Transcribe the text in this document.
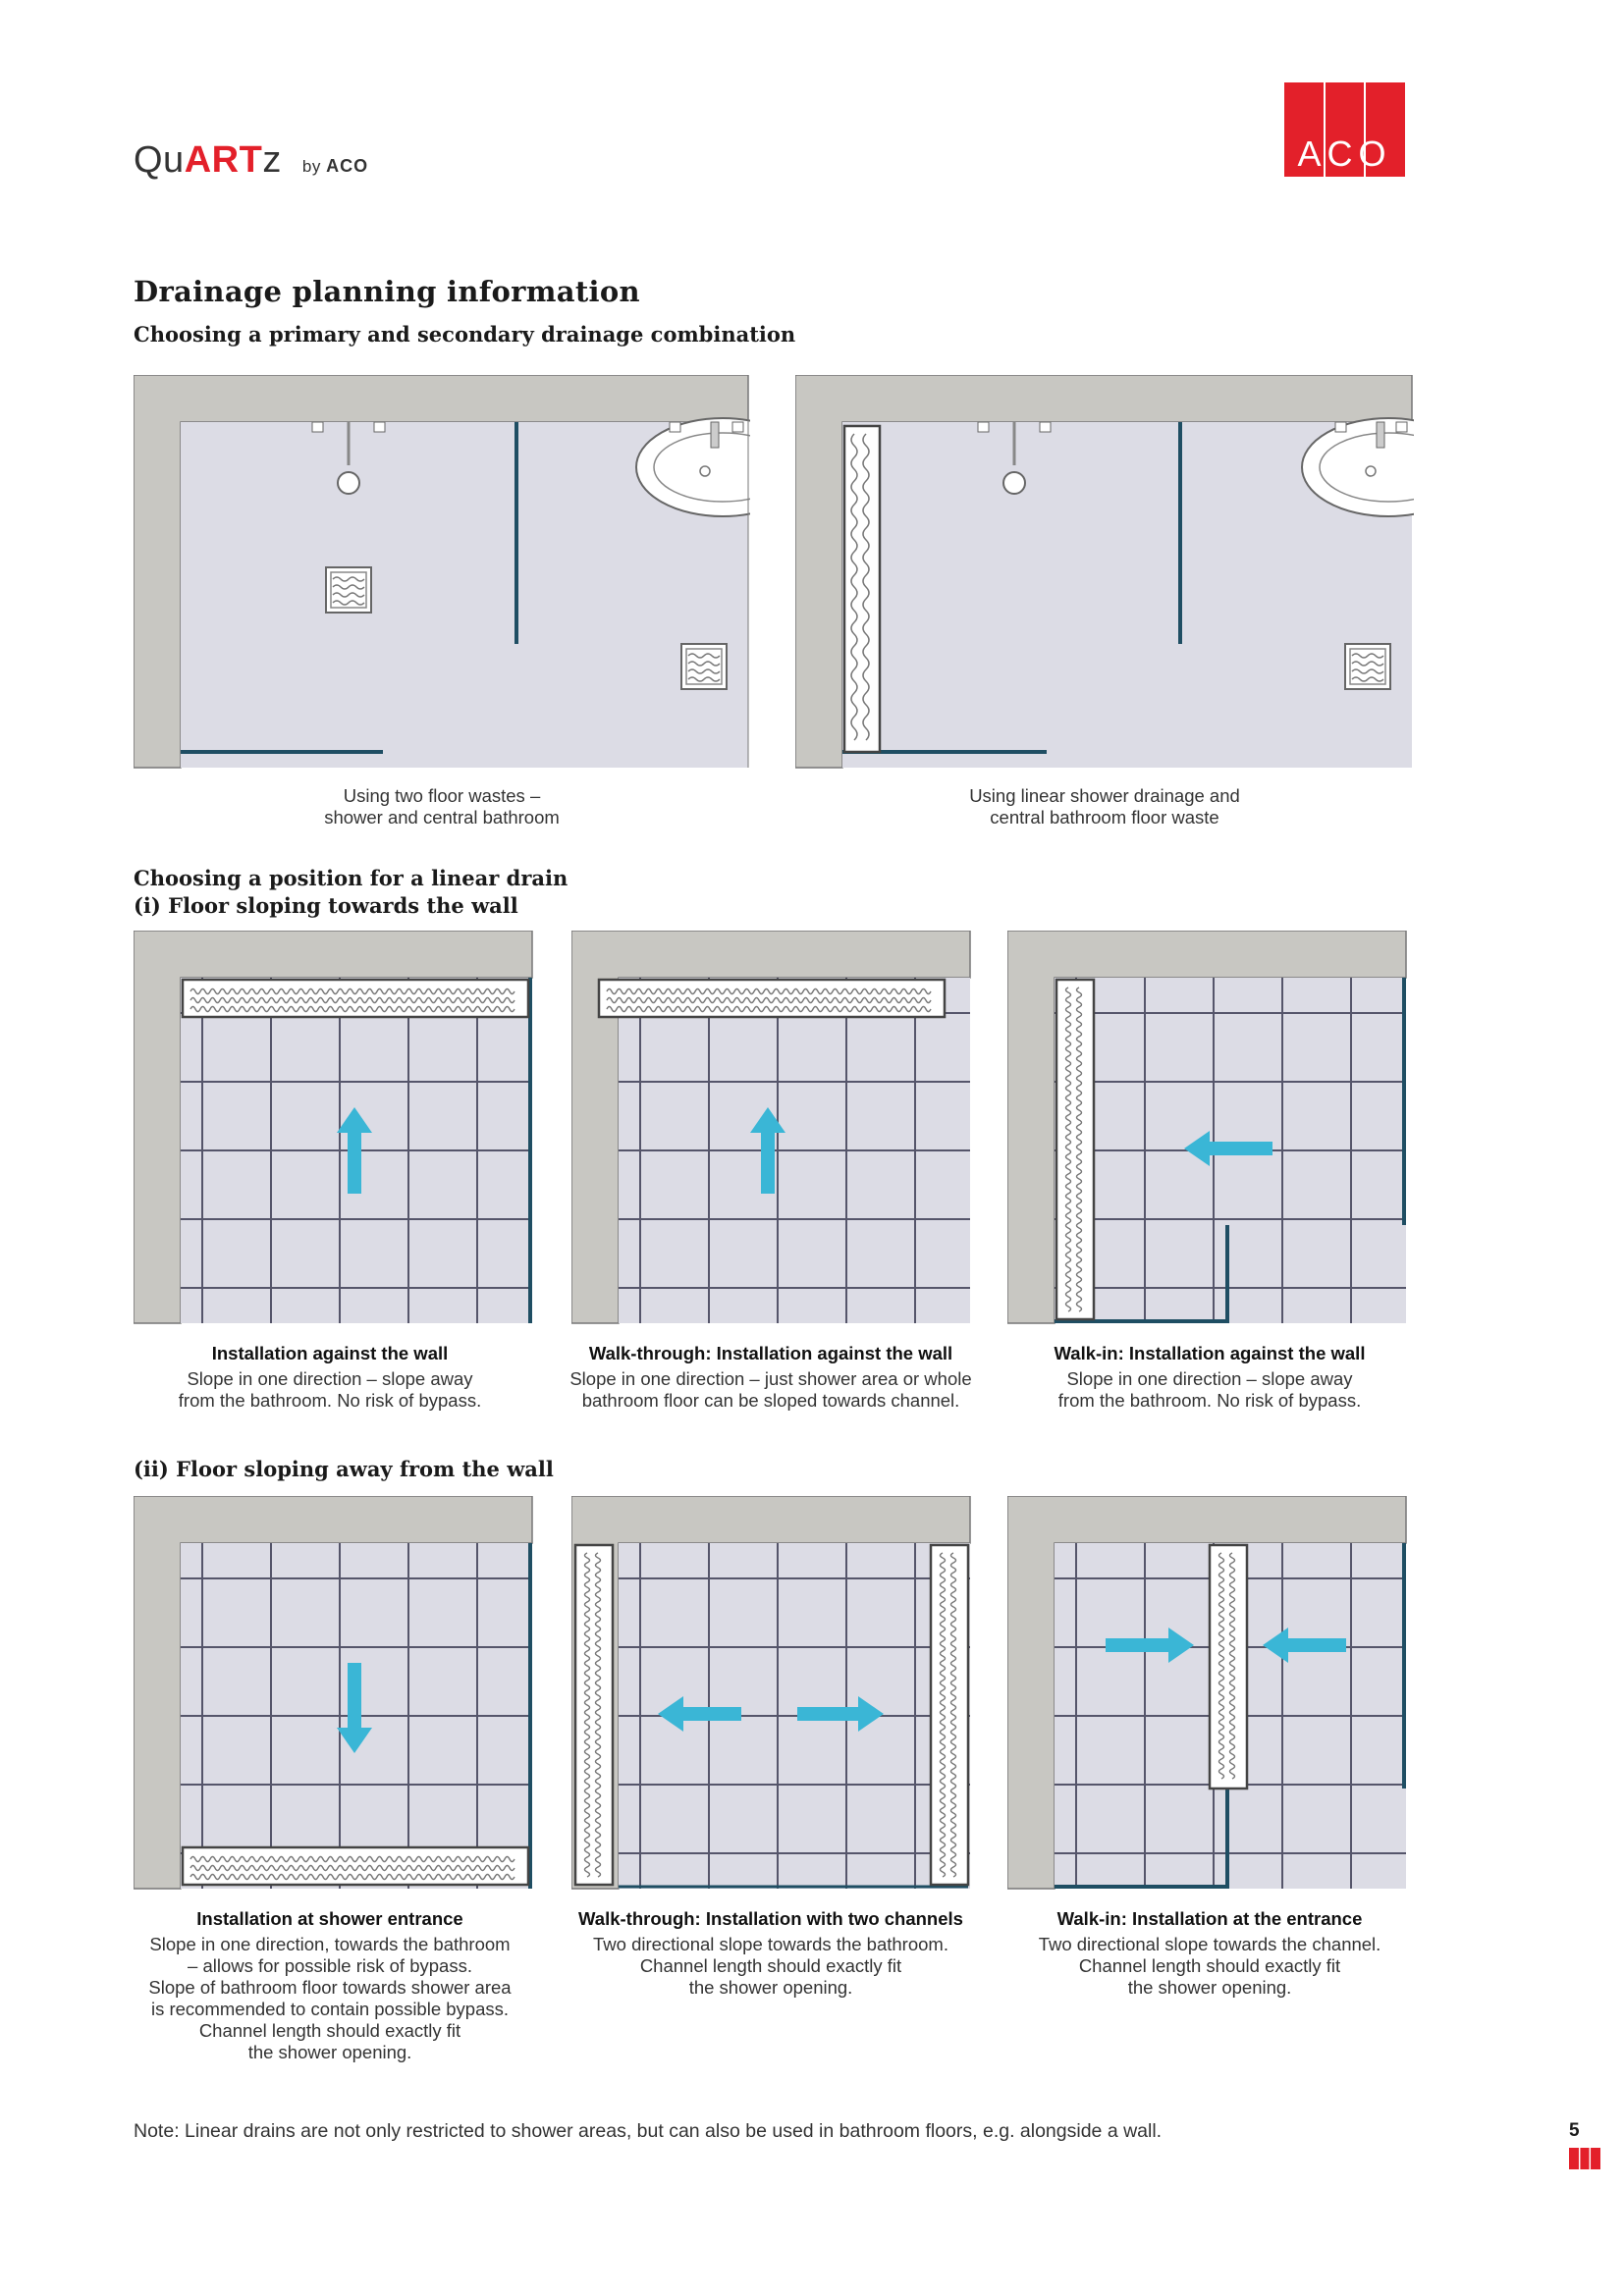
QuARTz by ACO	ACO
Drainage planning information
Choosing a primary and secondary drainage combination
Using two floor wastes –
shower and central bathroom
Using linear shower drainage and
central bathroom floor waste
Choosing a position for a linear drain
(i) Floor sloping towards the wall
Installation against the wall
Slope in one direction – slope away
from the bathroom. No risk of bypass.
Walk-through: Installation against the wall
Slope in one direction – just shower area or whole
bathroom floor can be sloped towards channel.
Walk-in: Installation against the wall
Slope in one direction – slope away
from the bathroom. No risk of bypass.
(ii) Floor sloping away from the wall
Installation at shower entrance
Slope in one direction, towards the bathroom
– allows for possible risk of bypass.
Slope of bathroom floor towards shower area
is recommended to contain possible bypass.
Channel length should exactly fit
the shower opening.
Walk-through: Installation with two channels
Two directional slope towards the bathroom.
Channel length should exactly fit
the shower opening.
Walk-in: Installation at the entrance
Two directional slope towards the channel.
Channel length should exactly fit
the shower opening.
Note: Linear drains are not only restricted to shower areas, but can also be used in bathroom floors, e.g. alongside a wall.	5
